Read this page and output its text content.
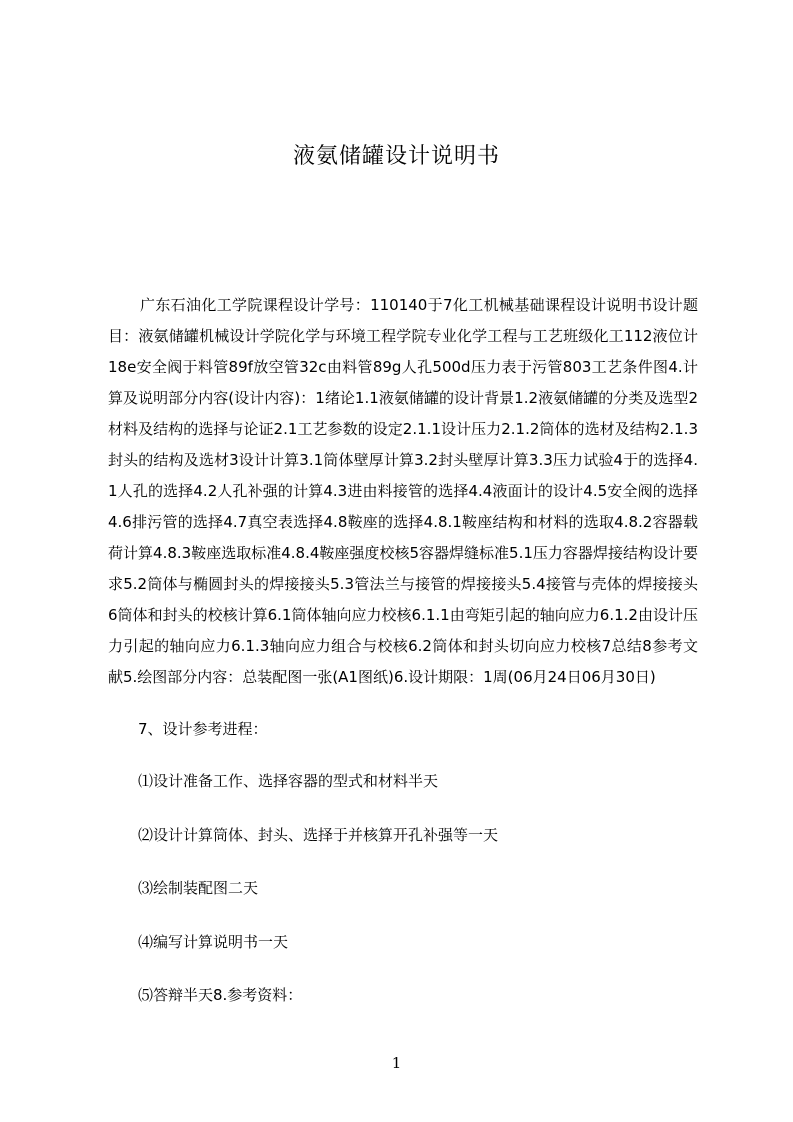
液氨储罐设计说明书

广东石油化工学院课程设计学号：110140于7化工机械基础课程设计说明书设计题目：液氨储罐机械设计学院化学与环境工程学院专业化学工程与工艺班级化工112液位计18e安全阀于料管89f放空管32c由料管89g人孔500d压力表于污管803工艺条件图4.计算及说明部分内容(设计内容)：1绪论1.1液氨储罐的设计背景1.2液氨储罐的分类及选型2材料及结构的选择与论证2.1工艺参数的设定2.1.1设计压力2.1.2筒体的选材及结构2.1.3封头的结构及选材3设计计算3.1筒体壁厚计算3.2封头壁厚计算3.3压力试验4于的选择4.1人孔的选择4.2人孔补强的计算4.3进由料接管的选择4.4液面计的设计4.5安全阀的选择4.6排污管的选择4.7真空表选择4.8鞍座的选择4.8.1鞍座结构和材料的选取4.8.2容器载荷计算4.8.3鞍座选取标准4.8.4鞍座强度校核5容器焊缝标准5.1压力容器焊接结构设计要求5.2筒体与椭圆封头的焊接接头5.3管法兰与接管的焊接接头5.4接管与壳体的焊接接头6筒体和封头的校核计算6.1筒体轴向应力校核6.1.1由弯矩引起的轴向应力6.1.2由设计压力引起的轴向应力6.1.3轴向应力组合与校核6.2筒体和封头切向应力校核7总结8参考文献5.绘图部分内容：总装配图一张(A1图纸)6.设计期限：1周(06月24日06月30日)

7、设计参考进程：

⑴设计准备工作、选择容器的型式和材料半天

⑵设计计算筒体、封头、选择于并核算开孔补强等一天

⑶绘制装配图二天

⑷编写计算说明书一天

⑸答辩半天8.参考资料：

1
